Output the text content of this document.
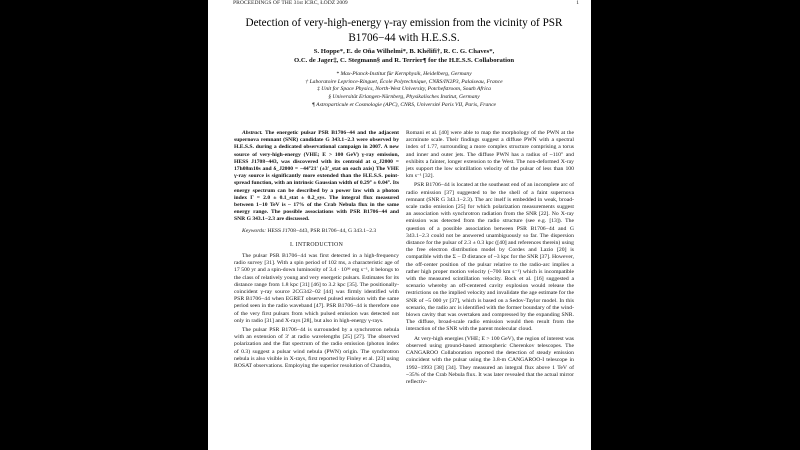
PROCEEDINGS OF THE 31st ICRC, ŁÓDŹ 2009	1
Detection of very-high-energy γ-ray emission from the vicinity of PSR B1706−44 with H.E.S.S.
S. Hoppe*, E. de Oña Wilhelmi*, B. Khélifi†, R. C. G. Chaves*,
O.C. de Jager‡, C. Stegmann§ and R. Terrier¶ for the H.E.S.S. Collaboration
* Max-Planck-Institut für Kernphysik, Heidelberg, Germany
† Laboratoire Leprince-Ringuet, École Polytechnique, CNRS/IN2P3, Palaiseau, France
‡ Unit for Space Physics, North-West University, Potchefstroom, South Africa
§ Universität Erlangen-Nürnberg, Physikalisches Institut, Germany
¶ Astroparticule et Cosmologie (APC), CNRS, Université Paris VII, Paris, France

Abstract. The energetic pulsar PSR B1706−44 and the adjacent supernova remnant (SNR) candidate G 343.1−2.3 were observed by H.E.S.S. during a dedicated observational campaign in 2007. A new source of very-high-energy (VHE; E > 100 GeV) γ-ray emission, HESS J1708−443, was discovered with its centroid at α_J2000 = 17h08m10s and δ_J2000 = −44°21′ (±3′_stat on each axis) The VHE γ-ray source is significantly more extended than the H.E.S.S. point-spread function, with an intrinsic Gaussian width of 0.29° ± 0.04°. Its energy spectrum can be described by a power law with a photon index Γ = 2.0 ± 0.1_stat ± 0.2_sys. The integral flux measured between 1−10 TeV is ~ 17% of the Crab Nebula flux in the same energy range. The possible associations with PSR B1706−44 and SNR G 343.1−2.3 are discussed.

Keywords: HESS J1708−443, PSR B1706−44, G 343.1−2.3

I. INTRODUCTION

The pulsar PSR B1706−44 was first detected in a high-frequency radio survey [31]. With a spin period of 102 ms, a characteristic age of 17 500 yr and a spin-down luminosity of 3.4 · 10³⁶ erg s⁻¹, it belongs to the class of relatively young and very energetic pulsars. Estimates for its distance range from 1.8 kpc [31] [46] to 3.2 kpc [35]. The positionally-coincident γ-ray source 2CG342−02 [44] was firmly identified with PSR B1706−44 when EGRET observed pulsed emission with the same period seen in the radio waveband [47]. PSR B1706−44 is therefore one of the very first pulsars from which pulsed emission was detected not only in radio [31] and X-rays [28], but also in high-energy γ-rays.

The pulsar PSR B1706−44 is surrounded by a synchrotron nebula with an extension of 3′ at radio wavelengths [25] [27]. The observed polarization and the flat spectrum of the radio emission (photon index of 0.3) suggest a pulsar wind nebula (PWN) origin. The synchrotron nebula is also visible in X-rays, first reported by Finley et al. [23] using ROSAT observations. Employing the superior resolution of Chandra,

Romani et al. [40] were able to map the morphology of the PWN at the arcminute scale. Their findings suggest a diffuse PWN with a spectral index of 1.77, surrounding a more complex structure comprising a torus and inner and outer jets. The diffuse PWN has a radius of ~110″ and exhibits a fainter, longer extension to the West. The non-deformed X-ray jets support the low scintillation velocity of the pulsar of less than 100 km s⁻¹ [32].

PSR B1706−44 is located at the southeast end of an incomplete arc of radio emission [37] suggested to be the shell of a faint supernova remnant (SNR G 343.1−2.3). The arc itself is embedded in weak, broad-scale radio emission [25] for which polarization measurements suggest an association with synchrotron radiation from the SNR [22]. No X-ray emission was detected from the radio structure (see e.g. [13]). The question of a possible association between PSR B1706−44 and G 343.1−2.3 could not be answered unambiguously so far. The dispersion distance for the pulsar of 2.3 ± 0.3 kpc ([40] and references therein) using the free electron distribution model by Cordes and Lazio [20] is compatible with the Σ − D distance of ~3 kpc for the SNR [37]. However, the off-center position of the pulsar relative to the radio-arc implies a rather high proper motion velocity (~700 km s⁻¹) which is incompatible with the measured scintillation velocity. Bock et al. [16] suggested a scenario whereby an off-centered cavity explosion would release the restrictions on the implied velocity and invalidate the age estimate for the SNR of ~5 000 yr [37], which is based on a Sedov-Taylor model. In this scenario, the radio arc is identified with the former boundary of the wind-blown cavity that was overtaken and compressed by the expanding SNR. The diffuse, broad-scale radio emission would then result from the interaction of the SNR with the parent molecular cloud.

At very-high energies (VHE; E > 100 GeV), the region of interest was observed using ground-based atmospheric Cherenkov telescopes. The CANGAROO Collaboration reported the detection of steady emission coincident with the pulsar using the 3.8-m CANGAROO-I telescope in 1992−1993 [38] [34]. They measured an integral flux above 1 TeV of ~35% of the Crab Nebula flux. It was later revealed that the actual mirror reflectiv-
